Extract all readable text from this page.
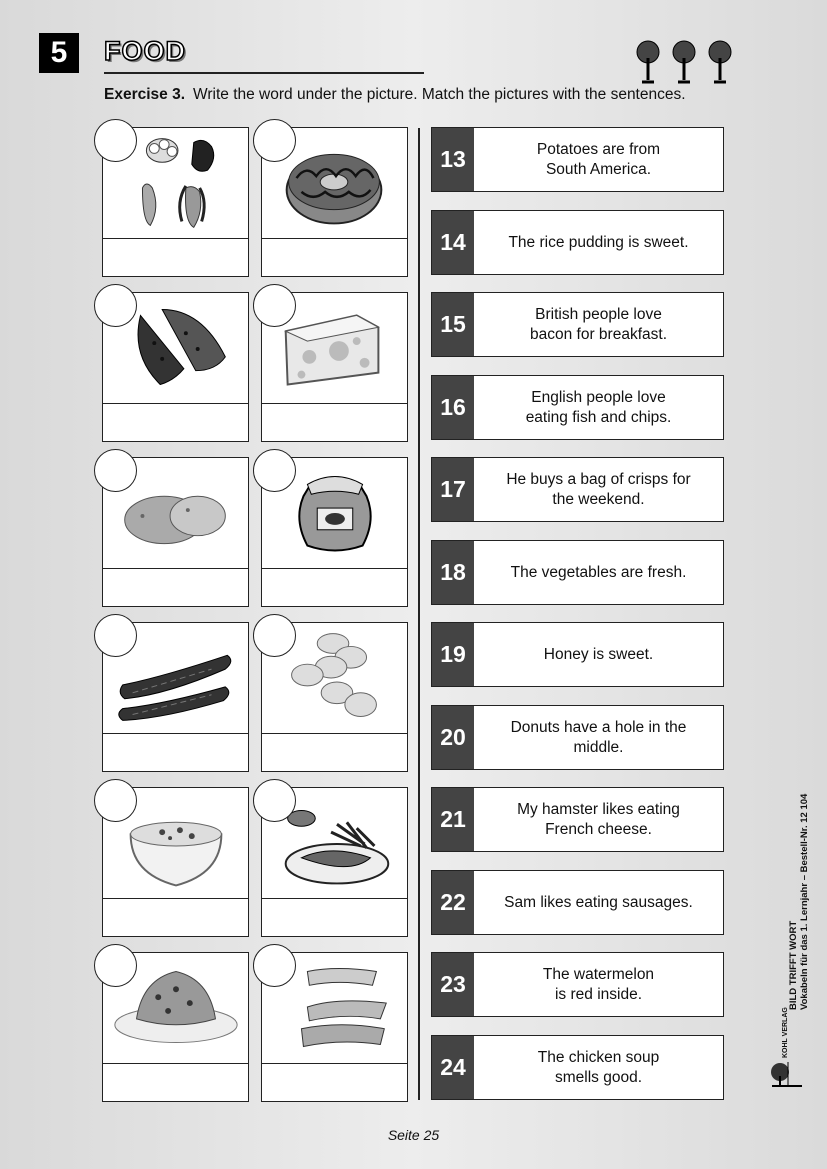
5	FOOD
Exercise 3. Write the word under the picture. Match the pictures with the sentences.
13	Potatoes are from
South America.
14	The rice pudding is sweet.
15	British people love
bacon for breakfast.
16	English people love
eating fish and chips.
17	He buys a bag of crisps for
the weekend.
18	The vegetables are fresh.
19	Honey is sweet.
20	Donuts have a hole in the
middle.
21	My hamster likes eating
French cheese.
22	Sam likes eating sausages.
23	The watermelon
is red inside.
24	The chicken soup
smells good.
Seite 25
BILD TRIFFT WORT Vokabeln für das 1. Lernjahr – Bestell-Nr. 12 104
KOHL VERLAG
